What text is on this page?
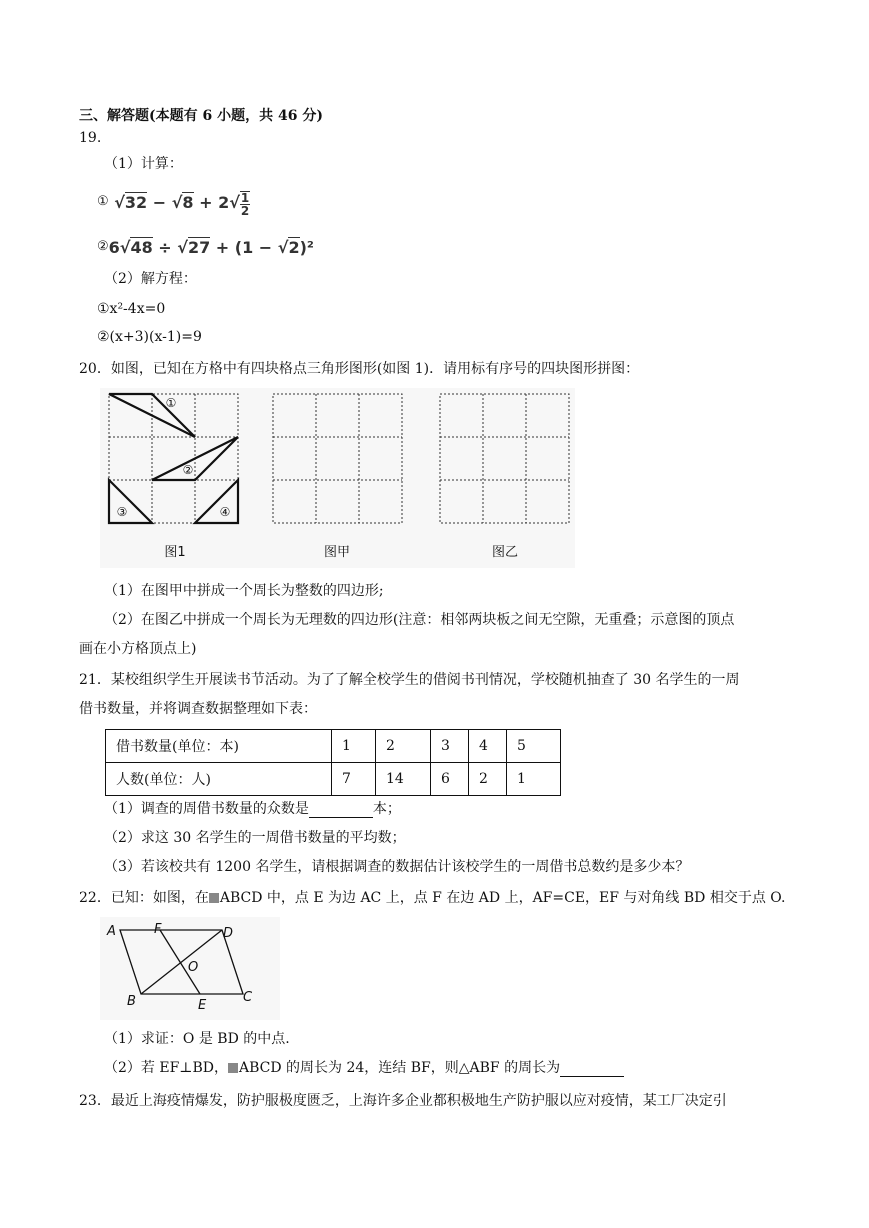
三、解答题(本题有 6 小题，共 46 分)
19.
（1）计算：
① $√32 - √8 + 2√ \frac{1}{2}$
②6√48 ÷ √27 + (1 − √2)²
（2）解方程：
①x²-4x=0
②(x+3)(x-1)=9
20．如图，已知在方格中有四块格点三角形图形(如图 1)．请用标有序号的四块图形拼图：
①
②
③	④
图1	图甲	图乙
（1）在图甲中拼成一个周长为整数的四边形;
（2）在图乙中拼成一个周长为无理数的四边形(注意：相邻两块板之间无空隙，无重叠；示意图的顶点
画在小方格顶点上)
21．某校组织学生开展读书节活动。为了了解全校学生的借阅书刊情况，学校随机抽查了 30 名学生的一周
借书数量，并将调查数据整理如下表：
借书数量(单位：本)	1	2	3	4	5
人数(单位：人)	7	14	6	2	1
（1）调查的周借书数量的众数是	本；
（2）求这 30 名学生的一周借书数量的平均数；
（3）若该校共有 1200 名学生，请根据调查的数据估计该校学生的一周借书总数约是多少本？
22．已知：如图，在 ABCD 中，点 E 为边 AC 上，点 F 在边 AD 上，AF=CE，EF 与对角线 BD 相交于点 O.
A	F	D
O
B	E
C
（1）求证：O 是 BD 的中点.
（2）若 EF⊥BD， ABCD 的周长为 24，连结 BF，则△ABF 的周长为
23．最近上海疫情爆发，防护服极度匮乏，上海许多企业都积极地生产防护服以应对疫情，某工厂决定引
